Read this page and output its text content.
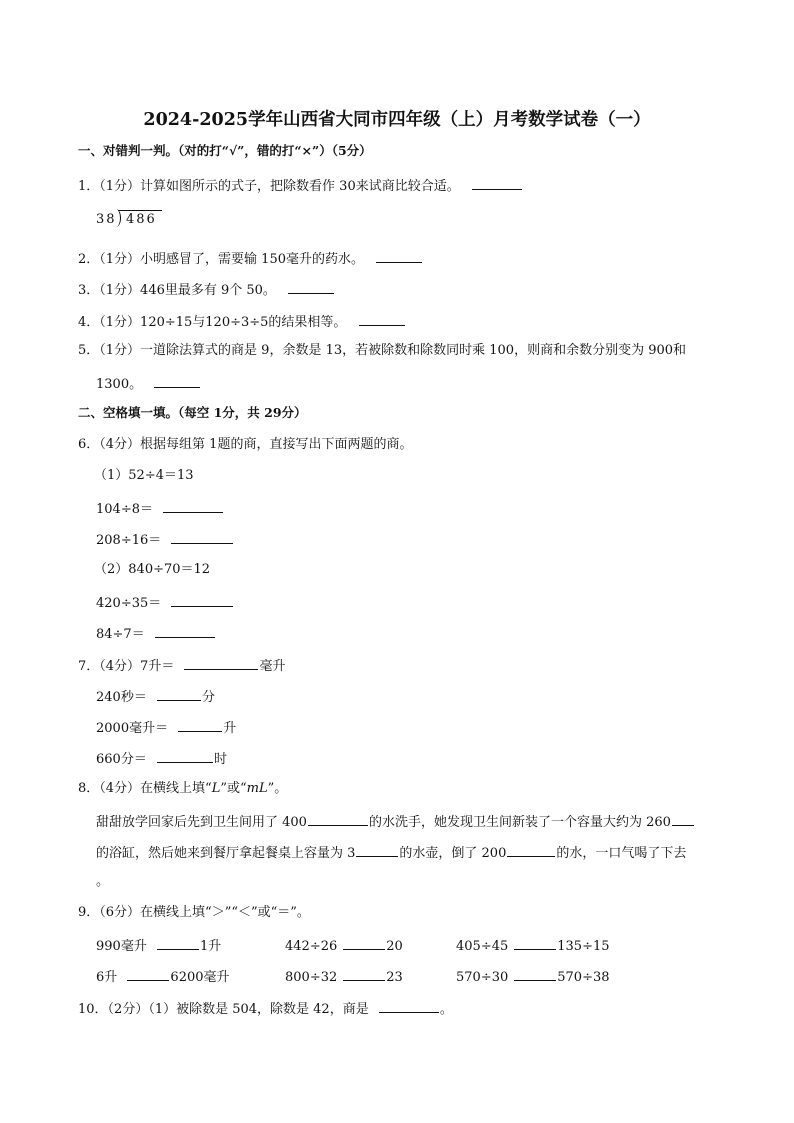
2024-2025学年山西省大同市四年级（上）月考数学试卷（一）
一、对错判一判。（对的打“√”，错的打“×”）（5分）
1．（1分）计算如图所示的式子，把除数看作 30来试商比较合适。
38 486
2．（1分）小明感冒了，需要输 150毫升的药水。
3．（1分）446里最多有 9个 50。
4．（1分）120÷15与120÷3÷5的结果相等。
5．（1分）一道除法算式的商是 9，余数是 13，若被除数和除数同时乘 100，则商和余数分别变为 900和
1300。
二、空格填一填。（每空 1分，共 29分）
6．（4分）根据每组第 1题的商，直接写出下面两题的商。
（1）52÷4＝13
104÷8＝
208÷16＝
（2）840÷70＝12
420÷35＝
84÷7＝
7．（4分）7升＝	毫升
240秒＝	分
2000毫升＝	升
660分＝	时
8．（4分）在横线上填“L”或“mL”。
甜甜放学回家后先到卫生间用了 400	的水洗手，她发现卫生间新装了一个容量大约为 260
的浴缸，然后她来到餐厅拿起餐桌上容量为 3	的水壶，倒了 200	的水，一口气喝了下去
。
9．（6分）在横线上填“＞”“＜”或“＝”。
990毫升	1升	442÷26	20	405÷45	135÷15
6升	6200毫升	800÷32	23	570÷30	570÷38
10．（2分）（1）被除数是 504，除数是 42，商是	。
